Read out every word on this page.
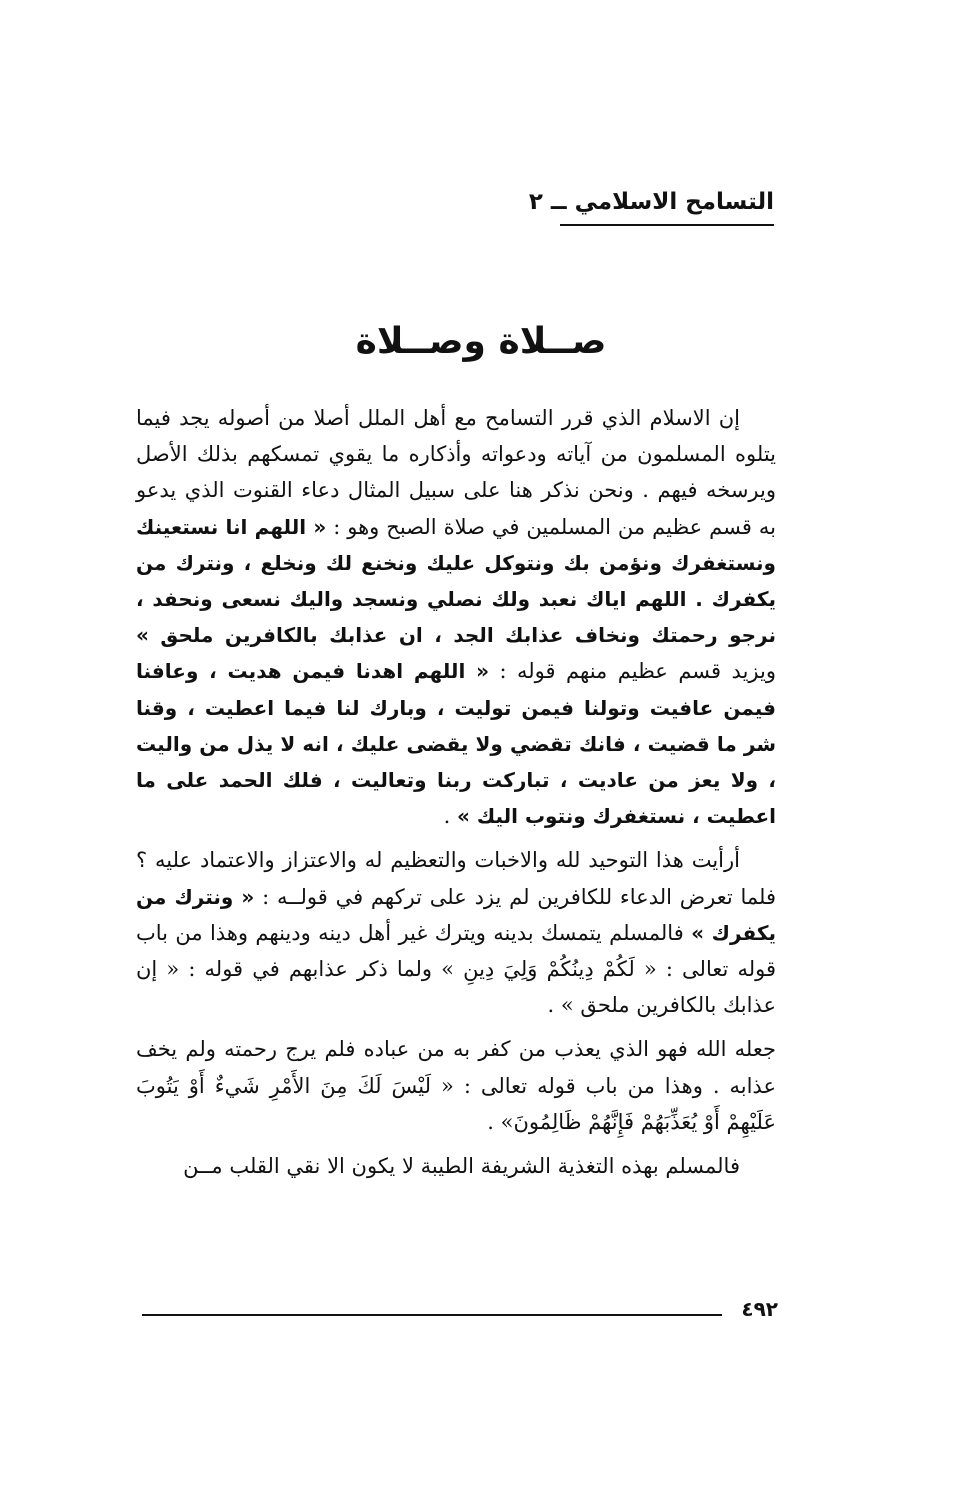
التسامح الاسلامي ــ ٢
صــلاة وصــلاة

إن الاسلام الذي قرر التسامح مع أهل الملل أصلا من أصوله يجد فيما يتلوه المسلمون من آياته ودعواته وأذكاره ما يقوي تمسكهم بذلك الأصل ويرسخه فيهم . ونحن نذكر هنا على سبيل المثال دعاء القنوت الذي يدعو به قسم عظيم من المسلمين في صلاة الصبح وهو : « اللهم انا نستعينك ونستغفرك ونؤمن بك ونتوكل عليك ونخنع لك ونخلع ، ونترك من يكفرك . اللهم اياك نعبد ولك نصلي ونسجد واليك نسعى ونحفد ، نرجو رحمتك ونخاف عذابك الجد ، ان عذابك بالكافرين ملحق » ويزيد قسم عظيم منهم قوله : « اللهم اهدنا فيمن هديت ، وعافنا فيمن عافيت وتولنا فيمن توليت ، وبارك لنا فيما اعطيت ، وقنا شر ما قضيت ، فانك تقضي ولا يقضى عليك ، انه لا يذل من واليت ، ولا يعز من عاديت ، تباركت ربنا وتعاليت ، فلك الحمد على ما اعطيت ، نستغفرك ونتوب اليك » .

أرأيت هذا التوحيد لله والاخبات والتعظيم له والاعتزاز والاعتماد عليه ؟ فلما تعرض الدعاء للكافرين لم يزد على تركهم في قولــه : « ونترك من يكفرك » فالمسلم يتمسك بدينه ويترك غير أهل دينه ودينهم وهذا من باب قوله تعالى : « لَكُمْ دِينُكُمْ وَلِيَ دِينِ » ولما ذكر عذابهم في قوله : « إن عذابك بالكافرين ملحق » .

جعله الله فهو الذي يعذب من كفر به من عباده فلم يرج رحمته ولم يخف عذابه . وهذا من باب قوله تعالى : « لَيْسَ لَكَ مِنَ الأَمْرِ شَيءٌ أَوْ يَتُوبَ عَلَيْهِمْ أَوْ يُعَذِّبَهُمْ فَإِنَّهُمْ ظَالِمُونَ» .

فالمسلم بهذه التغذية الشريفة الطيبة لا يكون الا نقي القلب مــن

٤٩٢
